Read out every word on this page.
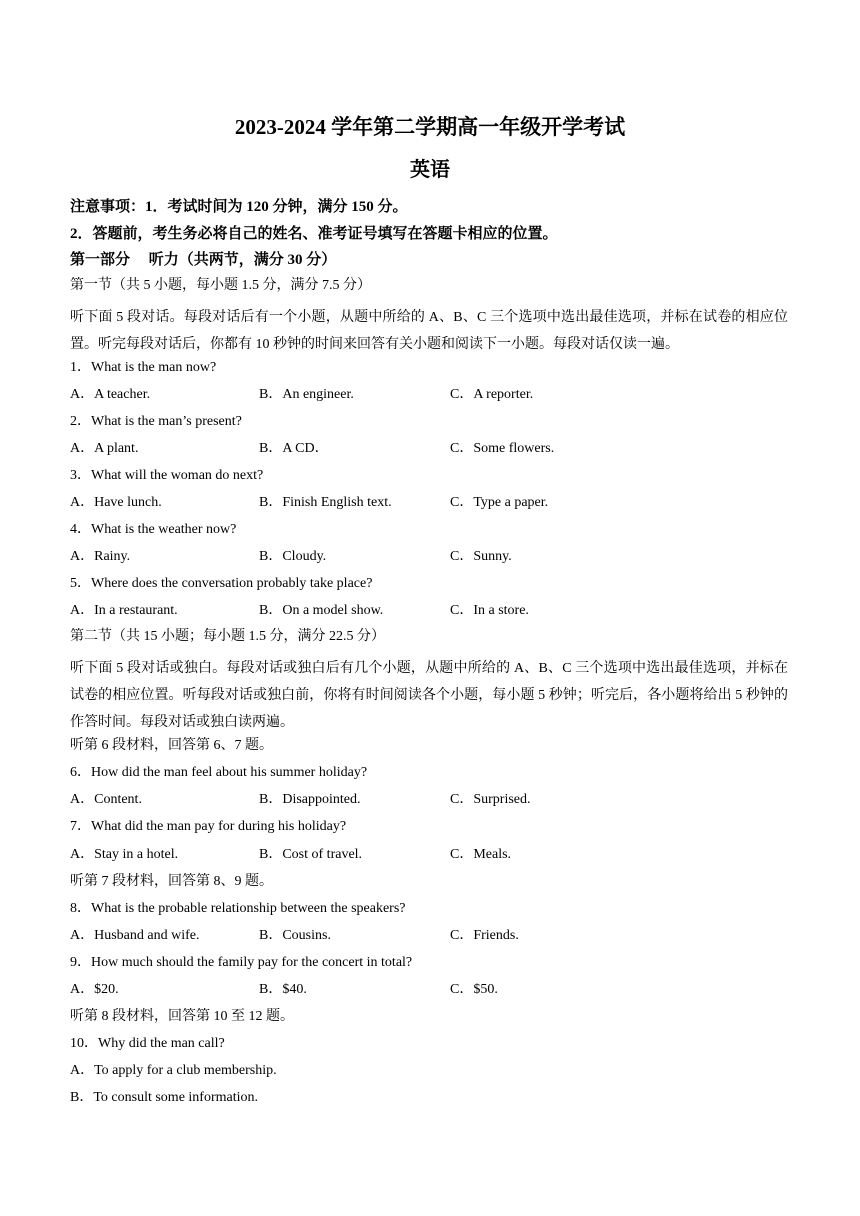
2023-2024 学年第二学期高一年级开学考试
英语
注意事项：1．考试时间为 120 分钟，满分 150 分。
2．答题前，考生务必将自己的姓名、准考证号填写在答题卡相应的位置。
第一部分　 听力（共两节，满分 30 分）
第一节（共 5 小题，每小题 1.5 分，满分 7.5 分）
听下面 5 段对话。每段对话后有一个小题，从题中所给的 A、B、C 三个选项中选出最佳选项，并标在试卷的相应位置。听完每段对话后，你都有 10 秒钟的时间来回答有关小题和阅读下一小题。每段对话仅读一遍。
1．What is the man now?
A．A teacher.	B．An engineer.	C．A reporter.
2．What is the man’s present?
A．A plant.	B．A CD．	C．Some flowers.
3．What will the woman do next?
A．Have lunch.	B．Finish English text.	C．Type a paper.
4．What is the weather now?
A．Rainy.	B．Cloudy.	C．Sunny.
5．Where does the conversation probably take place?
A．In a restaurant.	B．On a model show.	C．In a store.
第二节（共 15 小题；每小题 1.5 分，满分 22.5 分）
听下面 5 段对话或独白。每段对话或独白后有几个小题，从题中所给的 A、B、C 三个选项中选出最佳选项，并标在试卷的相应位置。听每段对话或独白前，你将有时间阅读各个小题，每小题 5 秒钟；听完后，各小题将给出 5 秒钟的作答时间。每段对话或独白读两遍。
听第 6 段材料，回答第 6、7 题。
6．How did the man feel about his summer holiday?
A．Content.	B．Disappointed.	C．Surprised.
7．What did the man pay for during his holiday?
A．Stay in a hotel.	B．Cost of travel.	C．Meals.
听第 7 段材料，回答第 8、9 题。
8．What is the probable relationship between the speakers?
A．Husband and wife.	B．Cousins.	C．Friends.
9．How much should the family pay for the concert in total?
A．$20.	B．$40.	C．$50.
听第 8 段材料，回答第 10 至 12 题。
10．Why did the man call?
A．To apply for a club membership.
B．To consult some information.
